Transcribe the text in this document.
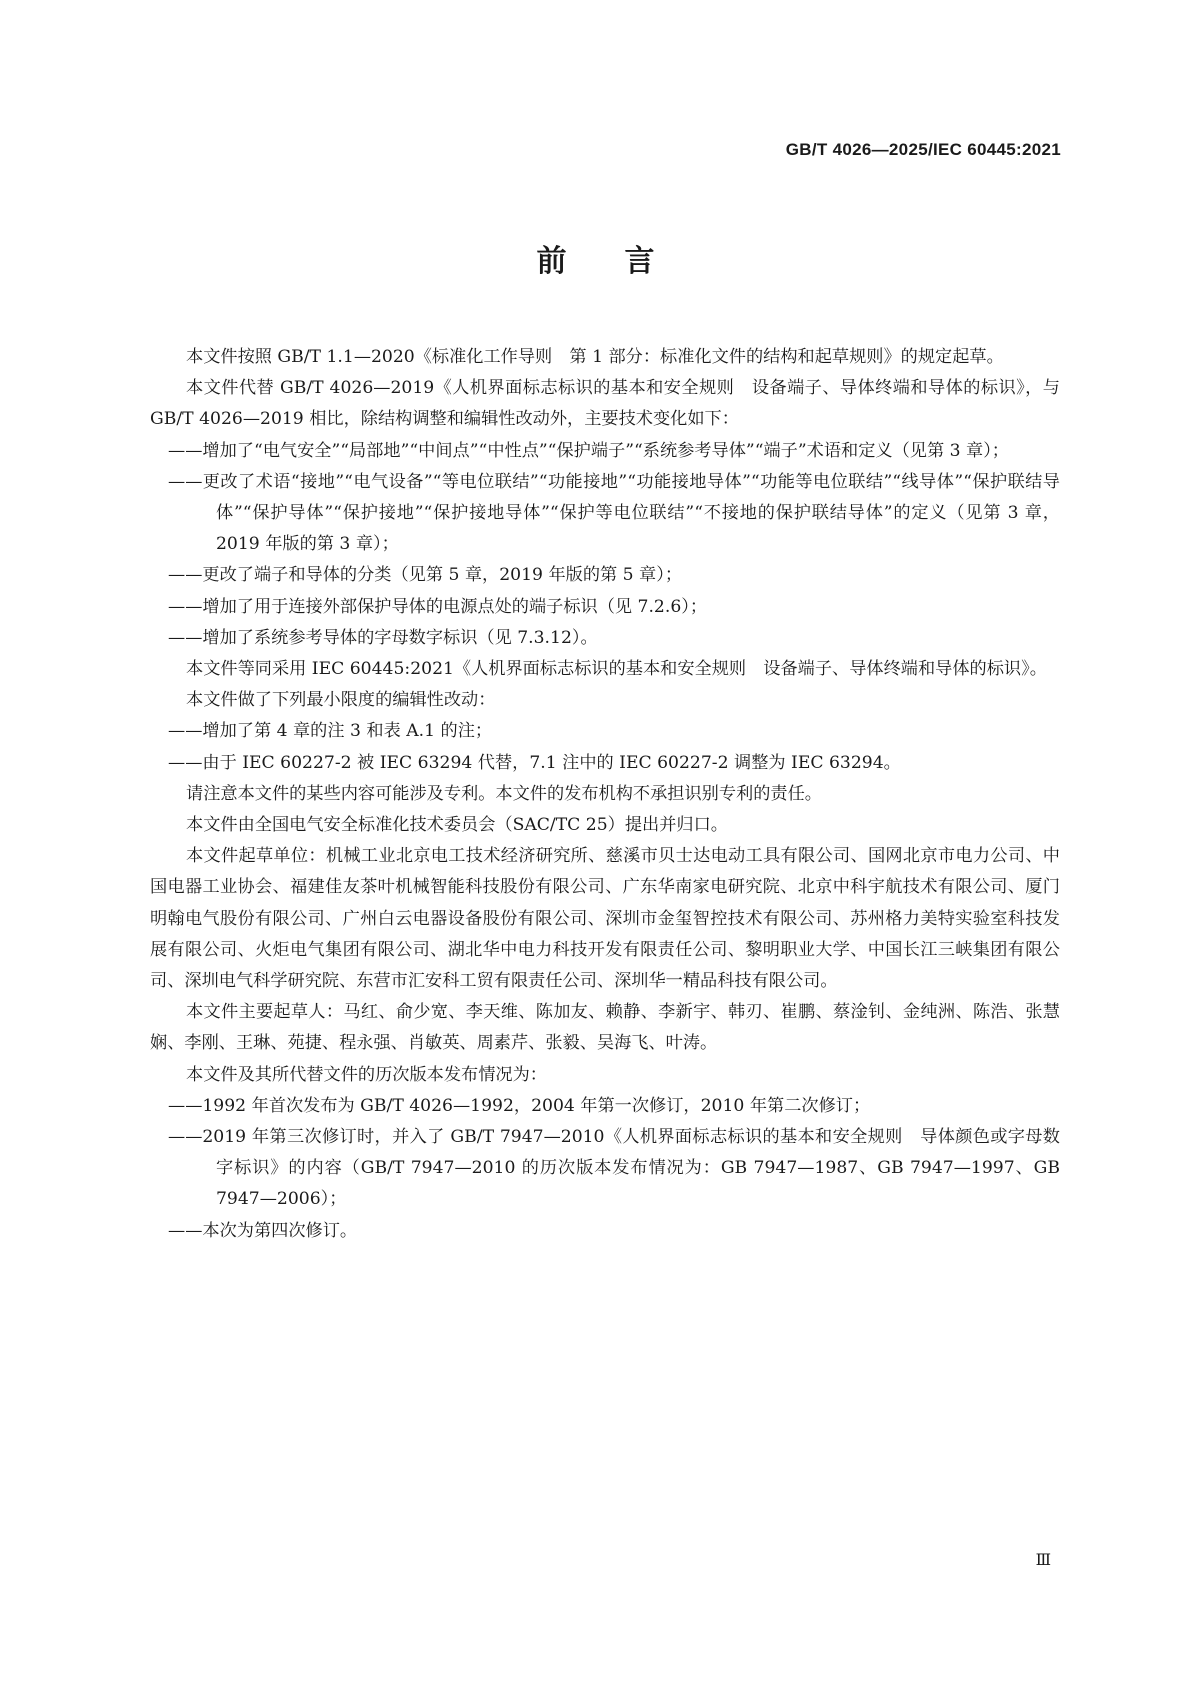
GB/T 4026—2025/IEC 60445:2021
前言

本文件按照 GB/T 1.1—2020《标准化工作导则　第 1 部分：标准化文件的结构和起草规则》的规定起草。

本文件代替 GB/T 4026—2019《人机界面标志标识的基本和安全规则　设备端子、导体终端和导体的标识》，与 GB/T 4026—2019 相比，除结构调整和编辑性改动外，主要技术变化如下：

——增加了“电气安全”“局部地”“中间点”“中性点”“保护端子”“系统参考导体”“端子”术语和定义（见第 3 章）；

——更改了术语“接地”“电气设备”“等电位联结”“功能接地”“功能接地导体”“功能等电位联结”“线导体”“保护联结导体”“保护导体”“保护接地”“保护接地导体”“保护等电位联结”“不接地的保护联结导体”的定义（见第 3 章，2019 年版的第 3 章）；

——更改了端子和导体的分类（见第 5 章，2019 年版的第 5 章）；

——增加了用于连接外部保护导体的电源点处的端子标识（见 7.2.6）；

——增加了系统参考导体的字母数字标识（见 7.3.12）。

本文件等同采用 IEC 60445:2021《人机界面标志标识的基本和安全规则　设备端子、导体终端和导体的标识》。

本文件做了下列最小限度的编辑性改动：

——增加了第 4 章的注 3 和表 A.1 的注；

——由于 IEC 60227-2 被 IEC 63294 代替，7.1 注中的 IEC 60227-2 调整为 IEC 63294。

请注意本文件的某些内容可能涉及专利。本文件的发布机构不承担识别专利的责任。

本文件由全国电气安全标准化技术委员会（SAC/TC 25）提出并归口。

本文件起草单位：机械工业北京电工技术经济研究所、慈溪市贝士达电动工具有限公司、国网北京市电力公司、中国电器工业协会、福建佳友茶叶机械智能科技股份有限公司、广东华南家电研究院、北京中科宇航技术有限公司、厦门明翰电气股份有限公司、广州白云电器设备股份有限公司、深圳市金玺智控技术有限公司、苏州格力美特实验室科技发展有限公司、火炬电气集团有限公司、湖北华中电力科技开发有限责任公司、黎明职业大学、中国长江三峡集团有限公司、深圳电气科学研究院、东营市汇安科工贸有限责任公司、深圳华一精品科技有限公司。

本文件主要起草人：马红、俞少宽、李天维、陈加友、赖静、李新宇、韩刃、崔鹏、蔡淦钊、金纯洲、陈浩、张慧娴、李刚、王琳、苑捷、程永强、肖敏英、周素芹、张毅、吴海飞、叶涛。

本文件及其所代替文件的历次版本发布情况为：

——1992 年首次发布为 GB/T 4026—1992，2004 年第一次修订，2010 年第二次修订；

——2019 年第三次修订时，并入了 GB/T 7947—2010《人机界面标志标识的基本和安全规则　导体颜色或字母数字标识》的内容（GB/T 7947—2010 的历次版本发布情况为：GB 7947—1987、GB 7947—1997、GB 7947—2006）；

——本次为第四次修订。

Ⅲ
